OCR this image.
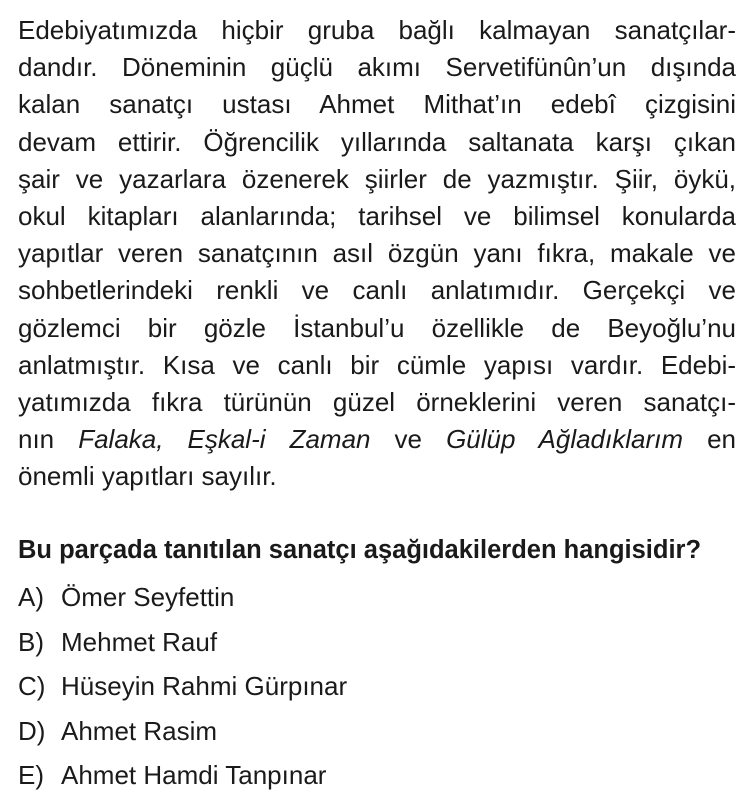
Edebiyatımızda hiçbir gruba bağlı kalmayan sanatçılar-
dandır. Döneminin güçlü akımı Servetifünûn’un dışında
kalan sanatçı ustası Ahmet Mithat’ın edebî çizgisini
devam ettirir. Öğrencilik yıllarında saltanata karşı çıkan
şair ve yazarlara özenerek şiirler de yazmıştır. Şiir, öykü,
okul kitapları alanlarında; tarihsel ve bilimsel konularda
yapıtlar veren sanatçının asıl özgün yanı fıkra, makale ve
sohbetlerindeki renkli ve canlı anlatımıdır. Gerçekçi ve
gözlemci bir gözle İstanbul’u özellikle de Beyoğlu’nu
anlatmıştır. Kısa ve canlı bir cümle yapısı vardır. Edebi-
yatımızda fıkra türünün güzel örneklerini veren sanatçı-
nın Falaka, Eşkal-i Zaman ve Gülüp Ağladıklarım en
önemli yapıtları sayılır.
Bu parçada tanıtılan sanatçı aşağıdakilerden hangisidir?
A) Ömer Seyfettin
B) Mehmet Rauf
C) Hüseyin Rahmi Gürpınar
D) Ahmet Rasim
E) Ahmet Hamdi Tanpınar
